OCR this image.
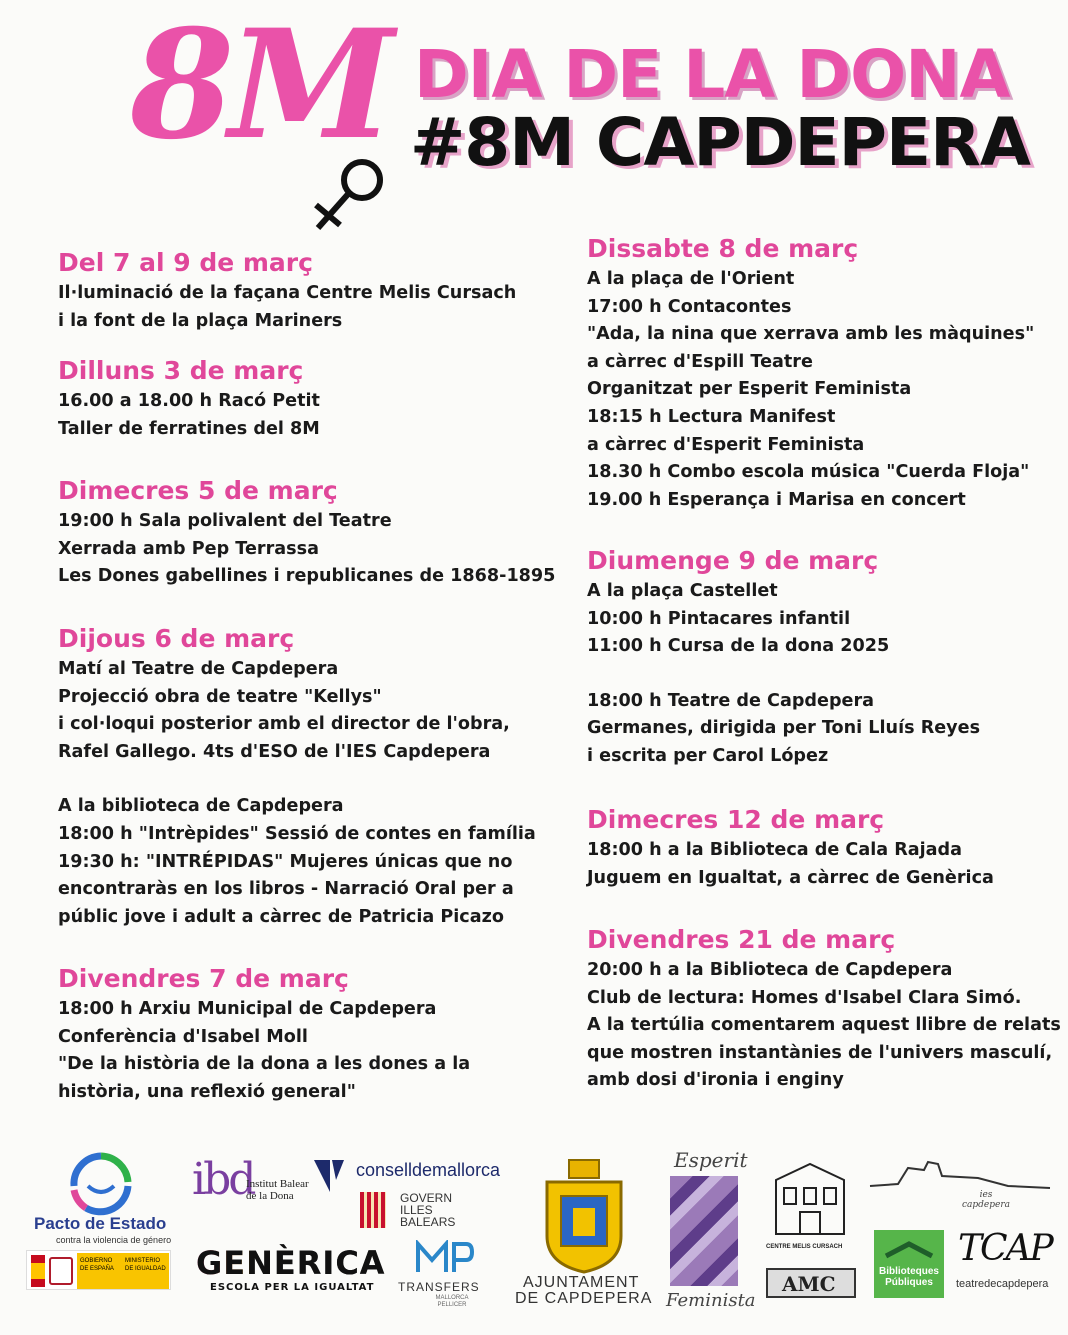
8M DIA DE LA DONA
#8M CAPDEPERA
Del 7 al 9 de març

Il·luminació de la façana Centre Melis Cursach

i la font de la plaça Mariners

Dilluns 3 de març

16.00 a 18.00 h Racó Petit

Taller de ferratines del 8M

Dimecres 5 de març

19:00 h Sala polivalent del Teatre

Xerrada amb Pep Terrassa

Les Dones gabellines i republicanes de 1868-1895

Dijous 6 de març

Matí al Teatre de Capdepera

Projecció obra de teatre "Kellys"

i col·loqui posterior amb el director de l'obra,

Rafel Gallego. 4ts d'ESO de l'IES Capdepera

A la biblioteca de Capdepera

18:00 h "Intrèpides" Sessió de contes en família

19:30 h: "INTRÉPIDAS" Mujeres únicas que no

encontraràs en los libros - Narració Oral per a

públic jove i adult a càrrec de Patricia Picazo

Divendres 7 de març

18:00 h Arxiu Municipal de Capdepera

Conferència d'Isabel Moll

"De la història de la dona a les dones a la

història, una reflexió general"

Dissabte 8 de març

A la plaça de l'Orient

17:00 h Contacontes

"Ada, la nina que xerrava amb les màquines"

a càrrec d'Espill Teatre

Organitzat per Esperit Feminista

18:15 h Lectura Manifest

a càrrec d'Esperit Feminista

18.30 h Combo escola música "Cuerda Floja"

19.00 h Esperança i Marisa en concert

Diumenge 9 de març

A la plaça Castellet

10:00 h Pintacares infantil

11:00 h Cursa de la dona 2025

18:00 h Teatre de Capdepera

Germanes, dirigida per Toni Lluís Reyes

i escrita per Carol López

Dimecres 12 de març

18:00 h a la Biblioteca de Cala Rajada

Juguem en Igualtat, a càrrec de Genèrica

Divendres 21 de març

20:00 h a la Biblioteca de Capdepera

Club de lectura: Homes d'Isabel Clara Simó.

A la tertúlia comentarem aquest llibre de relats

que mostren instantànies de l'univers masculí,

amb dosi d'ironia i enginy

Pacto de Estado
contra la violencia de género
GOBIERNO DE ESPAÑA
MINISTERIO DE IGUALDAD
ibd
Institut Balear de la Dona
GENÈRICA
ESCOLA PER LA IGUALTAT
conselldemallorca
GOVERN ILLES BALEARS
TRANSFERS
MALLORCA PELLICER
AJUNTAMENT
DE CAPDEPERA
Esperit
Feminista
CENTRE MELIS CURSACH
AMC
ies capdepera
Biblioteques Públiques
TCAP
teatredecapdepera
